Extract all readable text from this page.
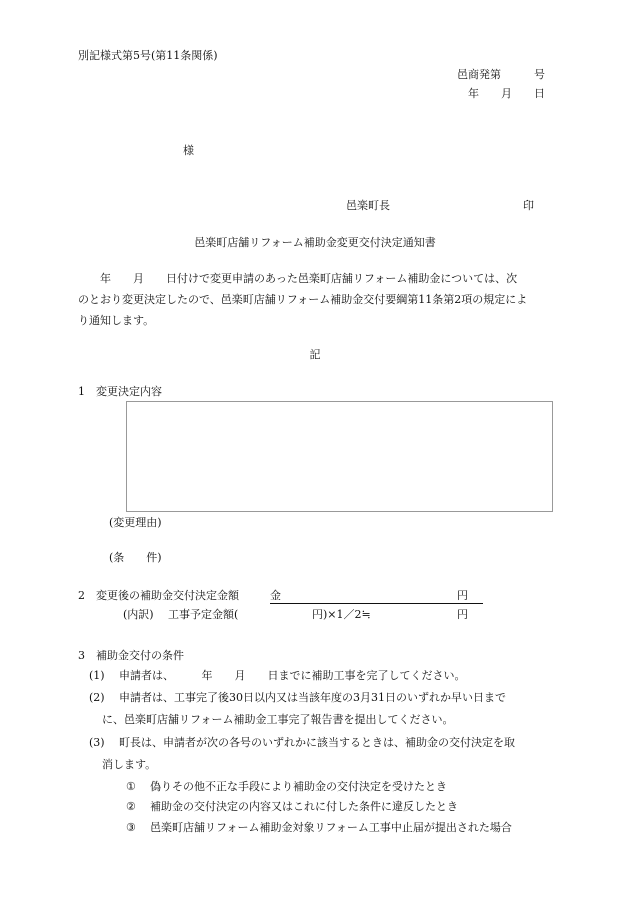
別記様式第5号(第11条関係)
邑商発第　　　号
年　　月　　日
様
邑楽町長	印
邑楽町店舗リフォーム補助金変更交付決定通知書
　　年　　月　　日付けで変更申請のあった邑楽町店舗リフォーム補助金については、次
のとおり変更決定したので、邑楽町店舗リフォーム補助金交付要綱第11条第2項の規定によ
り通知します。
記
1　変更決定内容
(変更理由)
(条　　件)
2　変更後の補助金交付決定金額	金	円
(内訳) 工事予定金額(	円)×1／2≒	円
3　補助金交付の条件
(1) 申請者は、　　　年　　月　　日までに補助工事を完了してください。
(2) 申請者は、工事完了後30日以内又は当該年度の3月31日のいずれか早い日まで
に、邑楽町店舗リフォーム補助金工事完了報告書を提出してください。
(3) 町長は、申請者が次の各号のいずれかに該当するときは、補助金の交付決定を取
消します。
① 偽りその他不正な手段により補助金の交付決定を受けたとき
② 補助金の交付決定の内容又はこれに付した条件に違反したとき
③ 邑楽町店舗リフォーム補助金対象リフォーム工事中止届が提出された場合
